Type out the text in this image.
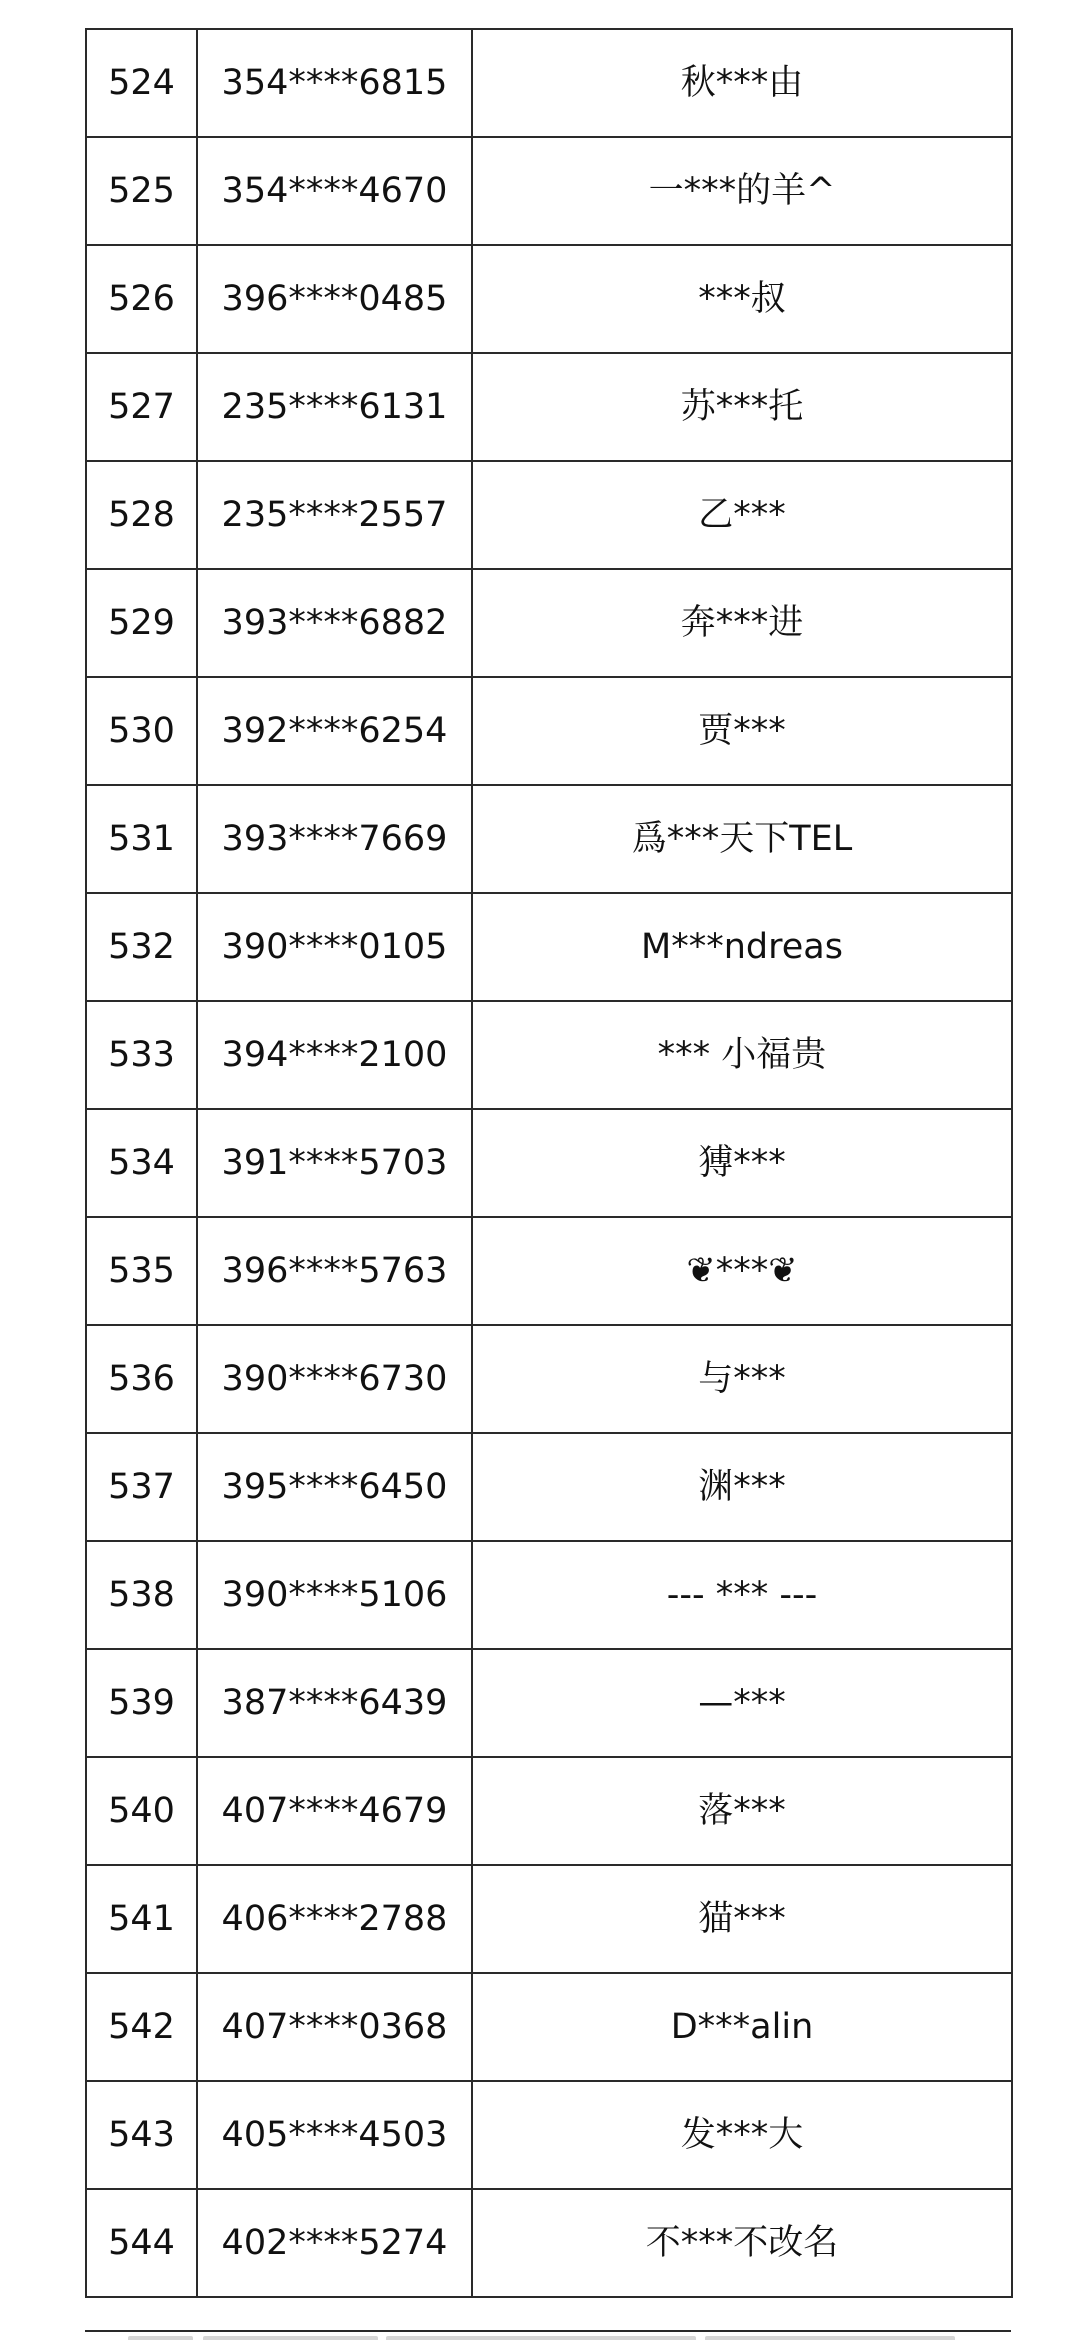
524	354****6815	秋***由
525	354****4670	一***的羊^
526	396****0485	***叔
527	235****6131	苏***托
528	235****2557	乙***
529	393****6882	奔***进
530	392****6254	贾***
531	393****7669	爲***天下TEL
532	390****0105	M***ndreas
533	394****2100	*** 小福贵
534	391****5703	猼***
535	396****5763	❦***❦
536	390****6730	与***
537	395****6450	渊***
538	390****5106	--- *** ---
539	387****6439	—***
540	407****4679	落***
541	406****2788	猫***
542	407****0368	D***alin
543	405****4503	发***大
544	402****5274	不***不改名
